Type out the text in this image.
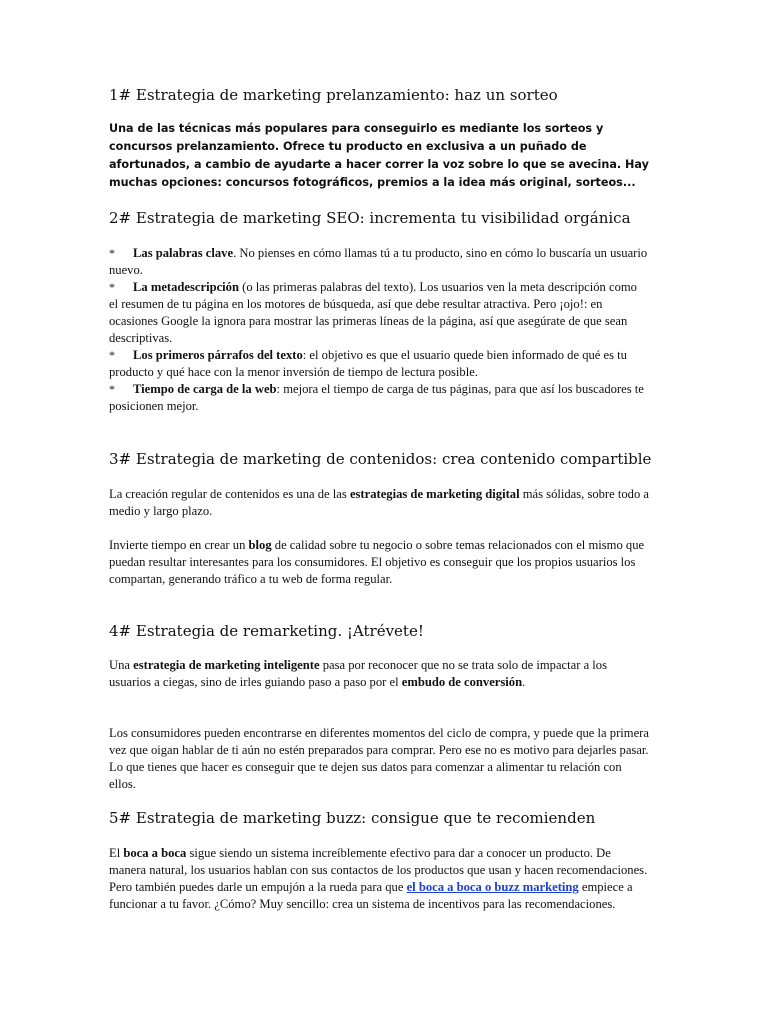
1# Estrategia de marketing prelanzamiento: haz un sorteo

Una de las técnicas más populares para conseguirlo es mediante los sorteos y concursos prelanzamiento. Ofrece tu producto en exclusiva a un puñado de afortunados, a cambio de ayudarte a hacer correr la voz sobre lo que se avecina. Hay muchas opciones: concursos fotográficos, premios a la idea más original, sorteos...

2# Estrategia de marketing SEO: incrementa tu visibilidad orgánica

* Las palabras clave. No pienses en cómo llamas tú a tu producto, sino en cómo lo buscaría un usuario nuevo.

* La metadescripción (o las primeras palabras del texto). Los usuarios ven la meta descripción como el resumen de tu página en los motores de búsqueda, así que debe resultar atractiva. Pero ¡ojo!: en ocasiones Google la ignora para mostrar las primeras líneas de la página, así que asegúrate de que sean descriptivas.

* Los primeros párrafos del texto: el objetivo es que el usuario quede bien informado de qué es tu producto y qué hace con la menor inversión de tiempo de lectura posible.

* Tiempo de carga de la web: mejora el tiempo de carga de tus páginas, para que así los buscadores te posicionen mejor.

3# Estrategia de marketing de contenidos: crea contenido compartible

La creación regular de contenidos es una de las estrategias de marketing digital más sólidas, sobre todo a medio y largo plazo.

Invierte tiempo en crear un blog de calidad sobre tu negocio o sobre temas relacionados con el mismo que puedan resultar interesantes para los consumidores. El objetivo es conseguir que los propios usuarios los compartan, generando tráfico a tu web de forma regular.

4# Estrategia de remarketing. ¡Atrévete!

Una estrategia de marketing inteligente pasa por reconocer que no se trata solo de impactar a los usuarios a ciegas, sino de irles guiando paso a paso por el embudo de conversión.

Los consumidores pueden encontrarse en diferentes momentos del ciclo de compra, y puede que la primera vez que oigan hablar de ti aún no estén preparados para comprar. Pero ese no es motivo para dejarles pasar. Lo que tienes que hacer es conseguir que te dejen sus datos para comenzar a alimentar tu relación con ellos.

5# Estrategia de marketing buzz: consigue que te recomienden

El boca a boca sigue siendo un sistema increíblemente efectivo para dar a conocer un producto. De manera natural, los usuarios hablan con sus contactos de los productos que usan y hacen recomendaciones. Pero también puedes darle un empujón a la rueda para que el boca a boca o buzz marketing empiece a funcionar a tu favor. ¿Cómo? Muy sencillo: crea un sistema de incentivos para las recomendaciones.
